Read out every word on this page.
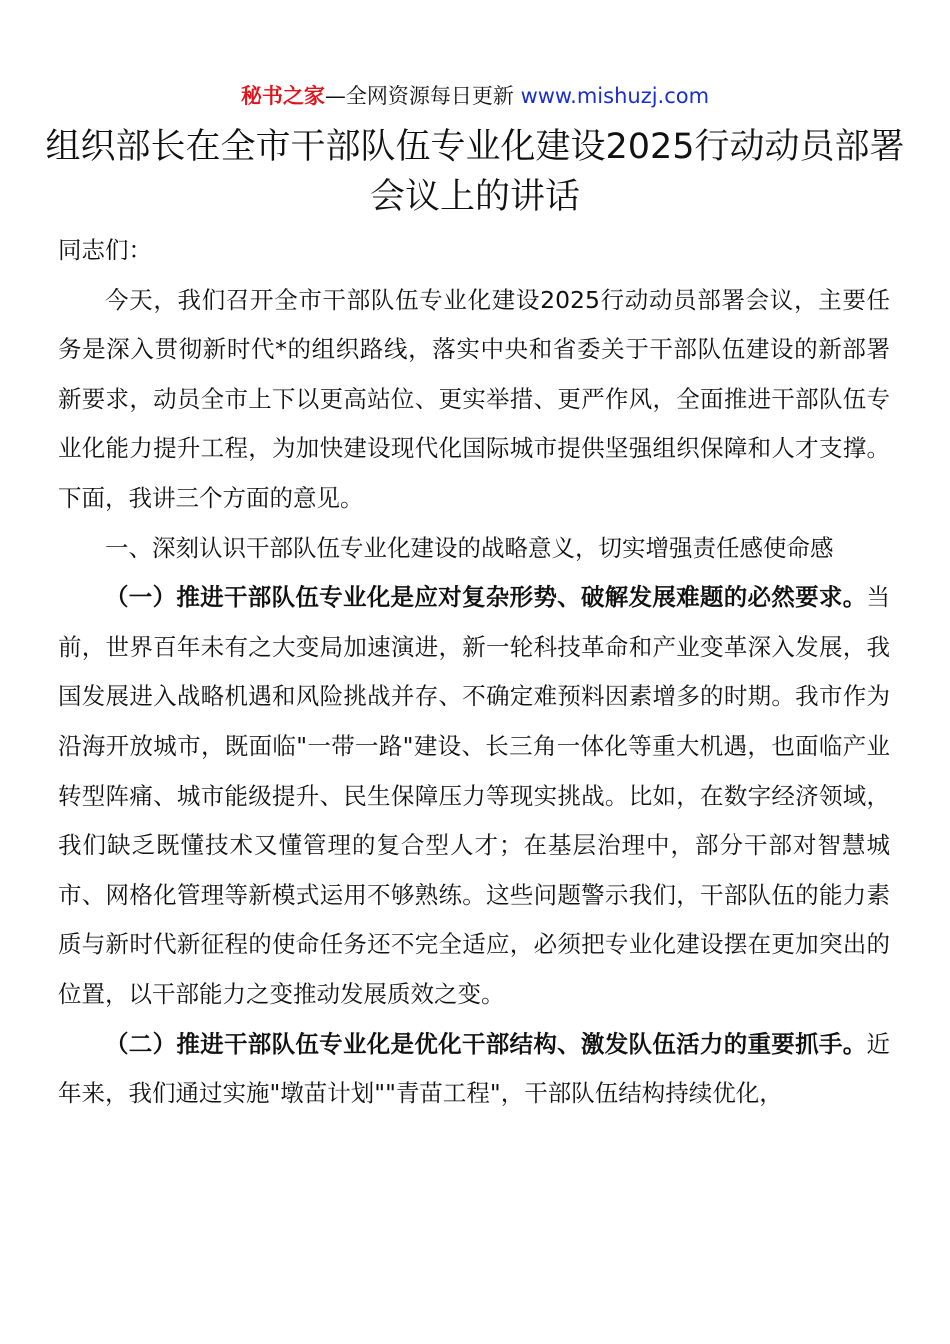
秘书之家—全网资源每日更新 www.mishuzj.com
组织部长在全市干部队伍专业化建设2025行动动员部署会议上的讲话

同志们：

今天，我们召开全市干部队伍专业化建设2025行动动员部署会议，主要任务是深入贯彻新时代*的组织路线，落实中央和省委关于干部队伍建设的新部署新要求，动员全市上下以更高站位、更实举措、更严作风，全面推进干部队伍专业化能力提升工程，为加快建设现代化国际城市提供坚强组织保障和人才支撑。下面，我讲三个方面的意见。

一、深刻认识干部队伍专业化建设的战略意义，切实增强责任感使命感

（一）推进干部队伍专业化是应对复杂形势、破解发展难题的必然要求。当前，世界百年未有之大变局加速演进，新一轮科技革命和产业变革深入发展，我国发展进入战略机遇和风险挑战并存、不确定难预料因素增多的时期。我市作为沿海开放城市，既面临"一带一路"建设、长三角一体化等重大机遇，也面临产业转型阵痛、城市能级提升、民生保障压力等现实挑战。比如，在数字经济领域，我们缺乏既懂技术又懂管理的复合型人才；在基层治理中，部分干部对智慧城市、网格化管理等新模式运用不够熟练。这些问题警示我们，干部队伍的能力素质与新时代新征程的使命任务还不完全适应，必须把专业化建设摆在更加突出的位置，以干部能力之变推动发展质效之变。

（二）推进干部队伍专业化是优化干部结构、激发队伍活力的重要抓手。近年来，我们通过实施"墩苗计划""青苗工程"，干部队伍结构持续优化，
